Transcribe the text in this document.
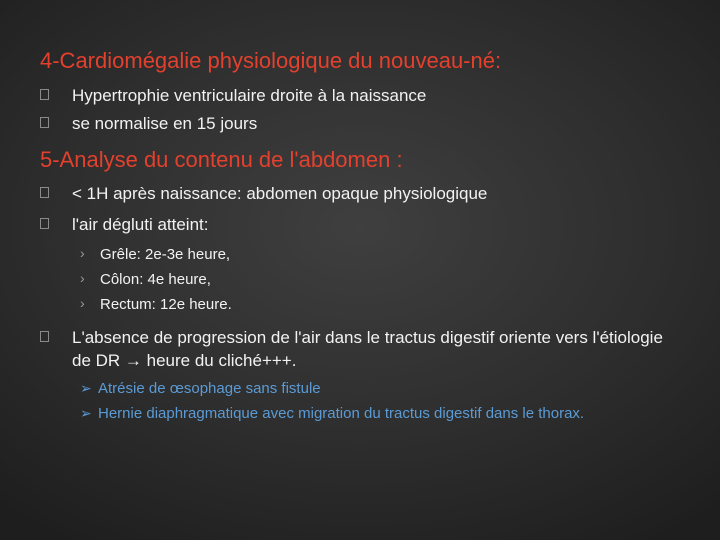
4-Cardiomégalie physiologique du nouveau-né:
Hypertrophie ventriculaire droite à la naissance
se normalise en 15 jours
5-Analyse du contenu de l'abdomen :
< 1H après naissance: abdomen opaque physiologique
l'air dégluti atteint:
› Grêle: 2e-3e heure,
› Côlon: 4e heure,
› Rectum: 12e heure.
L'absence de progression de l'air dans le tractus digestif oriente vers l'étiologie de DR → heure du cliché+++.
➢ Atrésie de œsophage sans fistule
➢ Hernie diaphragmatique avec migration du tractus digestif dans le thorax.
